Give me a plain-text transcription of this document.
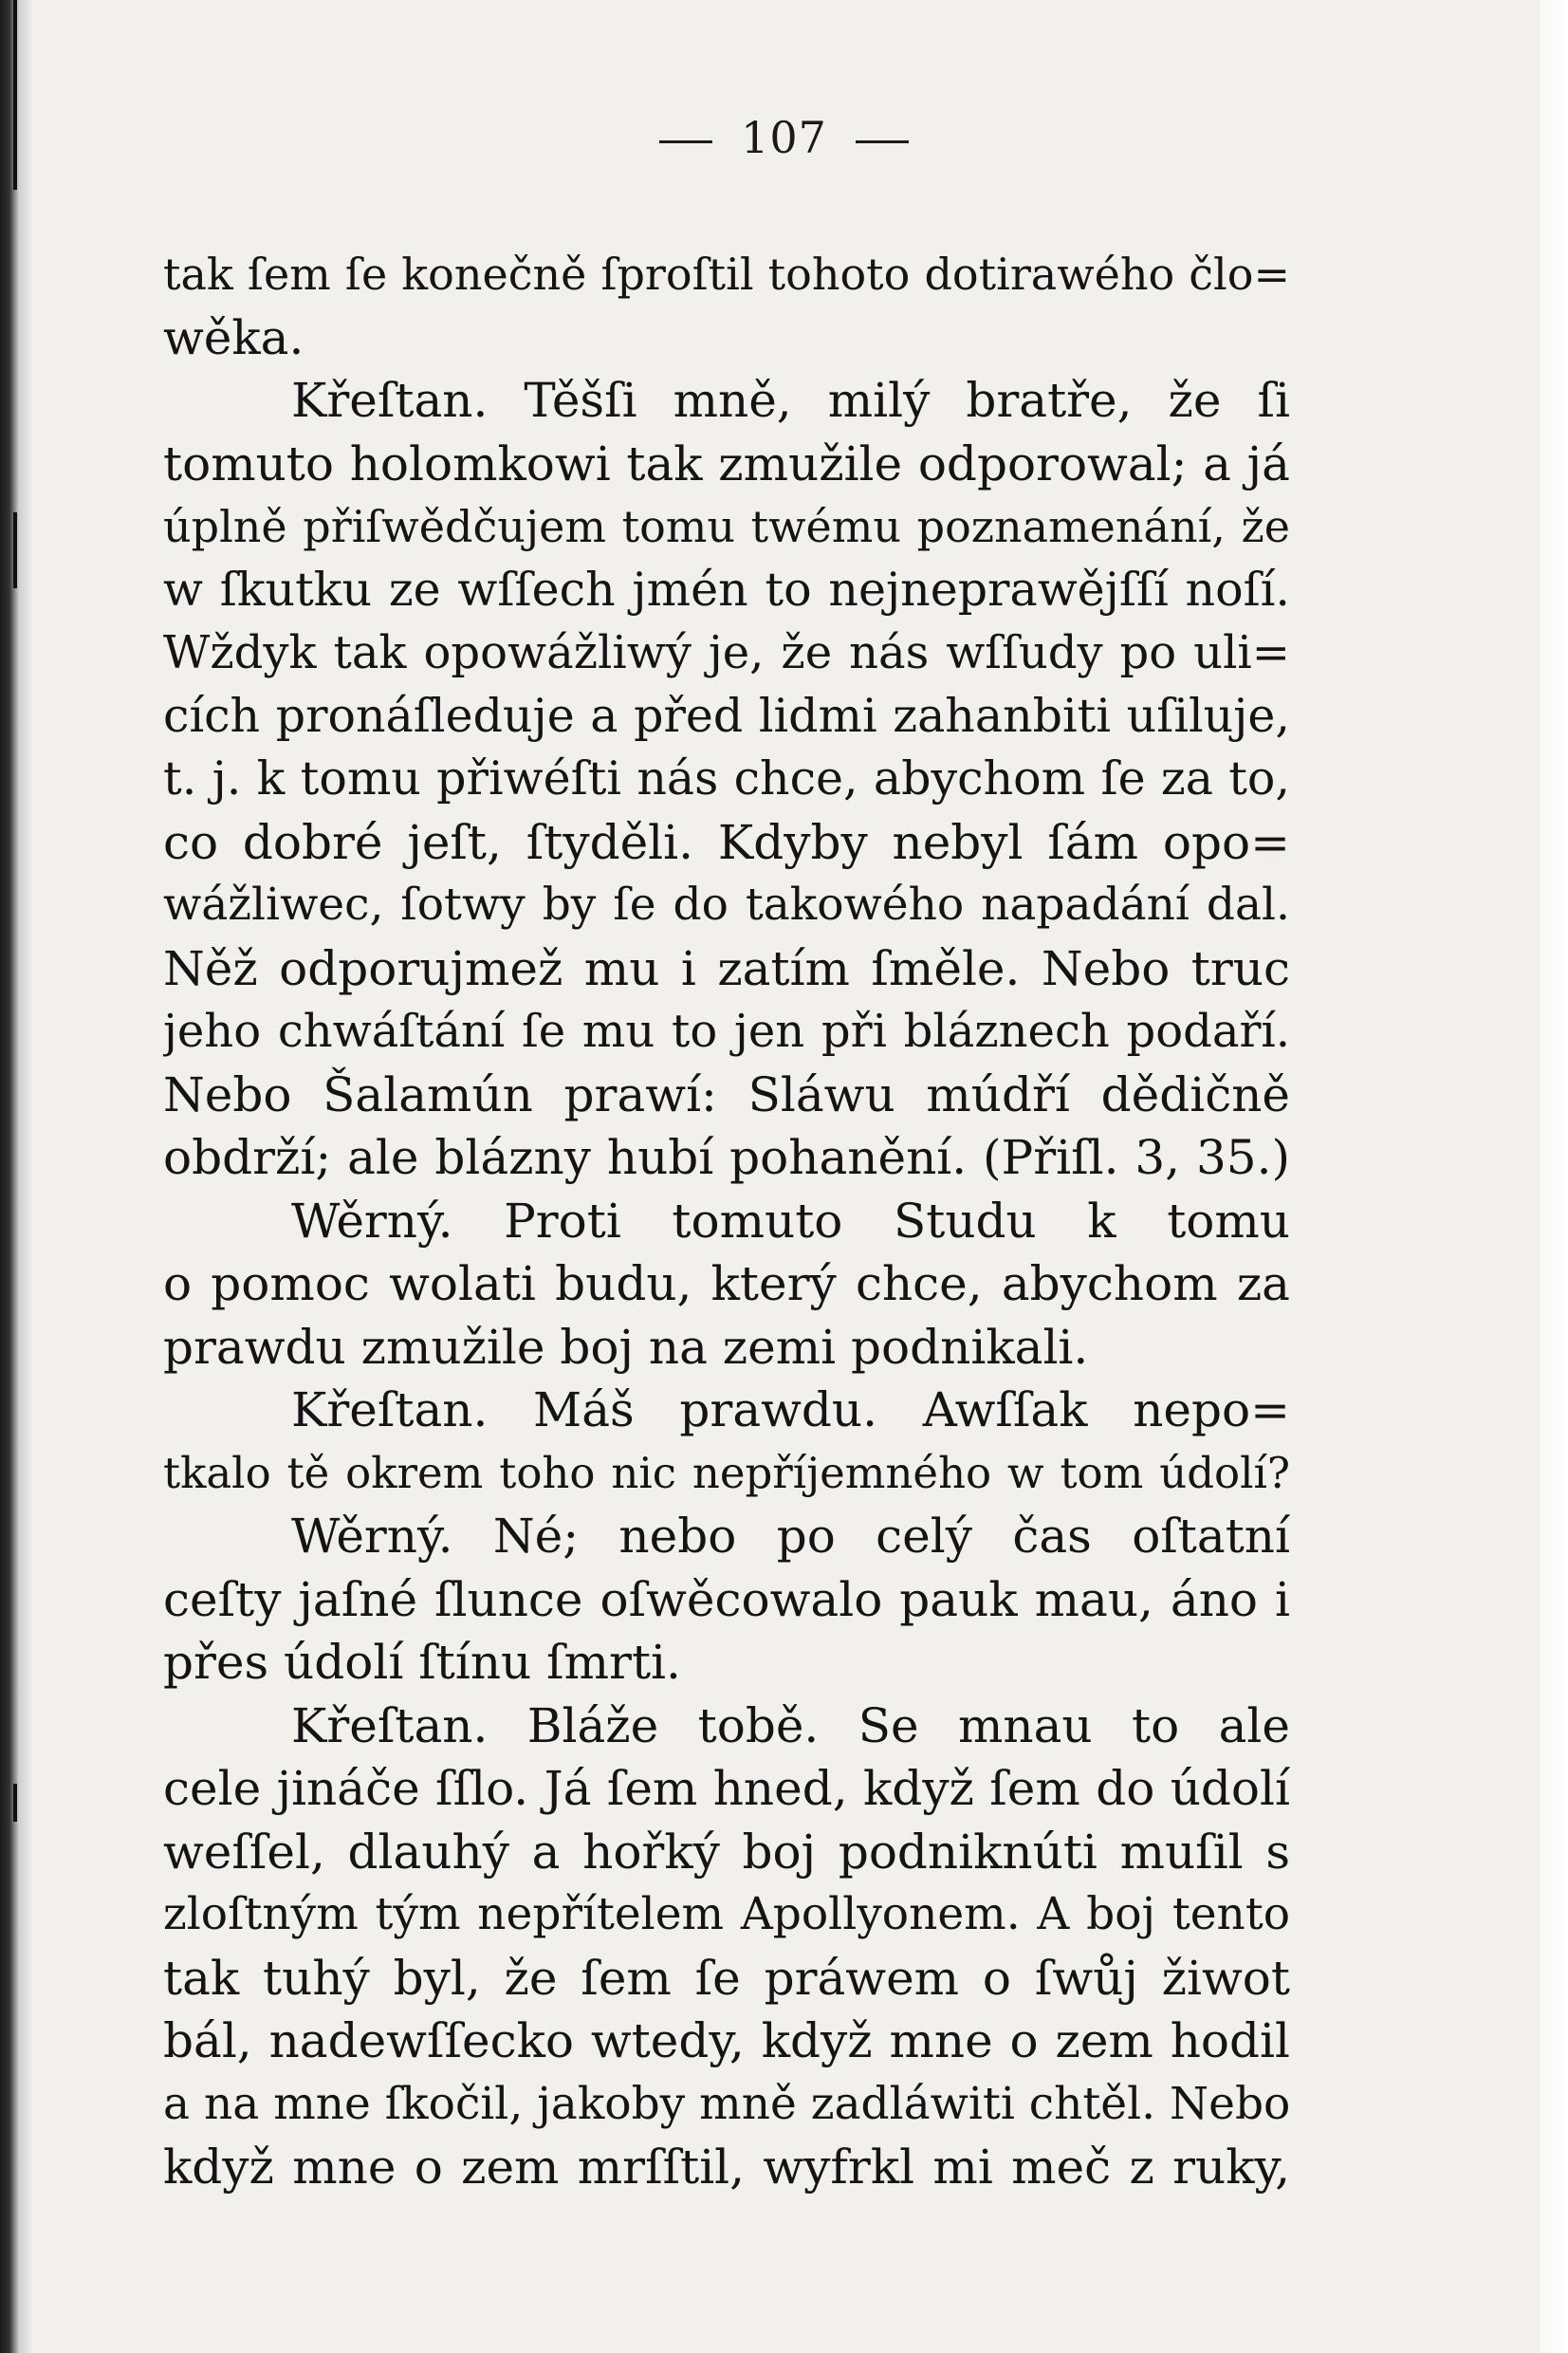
107
tak ſem ſe konečně ſproſtil tohoto dotirawého člo=
wěka.
Křeſtan. Těšſi mně, milý bratře, že ſi
tomuto holomkowi tak zmužile odporowal; a já
úplně přiſwědčujem tomu twému poznamenání, že
w ſkutku ze wſſech jmén to nejneprawějſſí noſí.
Wždyk tak opowážliwý je, že nás wſſudy po uli=
cích pronáſleduje a před lidmi zahanbiti uſiluje,
t. j. k tomu přiwéſti nás chce, abychom ſe za to,
co dobré jeſt, ſtyděli. Kdyby nebyl ſám opo=
wážliwec, ſotwy by ſe do takowého napadání dal.
Něž odporujmež mu i zatím ſměle. Nebo truc
jeho chwáſtání ſe mu to jen při bláznech podaří.
Nebo Šalamún prawí: Sláwu múdří dědičně
obdrží; ale blázny hubí pohanění. (Přiſl. 3, 35.)
Wěrný. Proti tomuto Studu k tomu
o pomoc wolati budu, který chce, abychom za
prawdu zmužile boj na zemi podnikali.
Křeſtan. Máš prawdu. Awſſak nepo=
tkalo tě okrem toho nic nepříjemného w tom údolí?
Wěrný. Né; nebo po celý čas oſtatní
ceſty jaſné ſlunce oſwěcowalo pauk mau, áno i
přes údolí ſtínu ſmrti.
Křeſtan. Bláže tobě. Se mnau to ale
cele jináče ſſlo. Já ſem hned, když ſem do údolí
weſſel, dlauhý a hořký boj podniknúti muſil s
zloſtným tým nepřítelem Apollyonem. A boj tento
tak tuhý byl, že ſem ſe práwem o ſwůj žiwot
bál, nadewſſecko wtedy, když mne o zem hodil
a na mne ſkočil, jakoby mně zadláwiti chtěl. Nebo
když mne o zem mrſſtil, wyfrkl mi meč z ruky,
